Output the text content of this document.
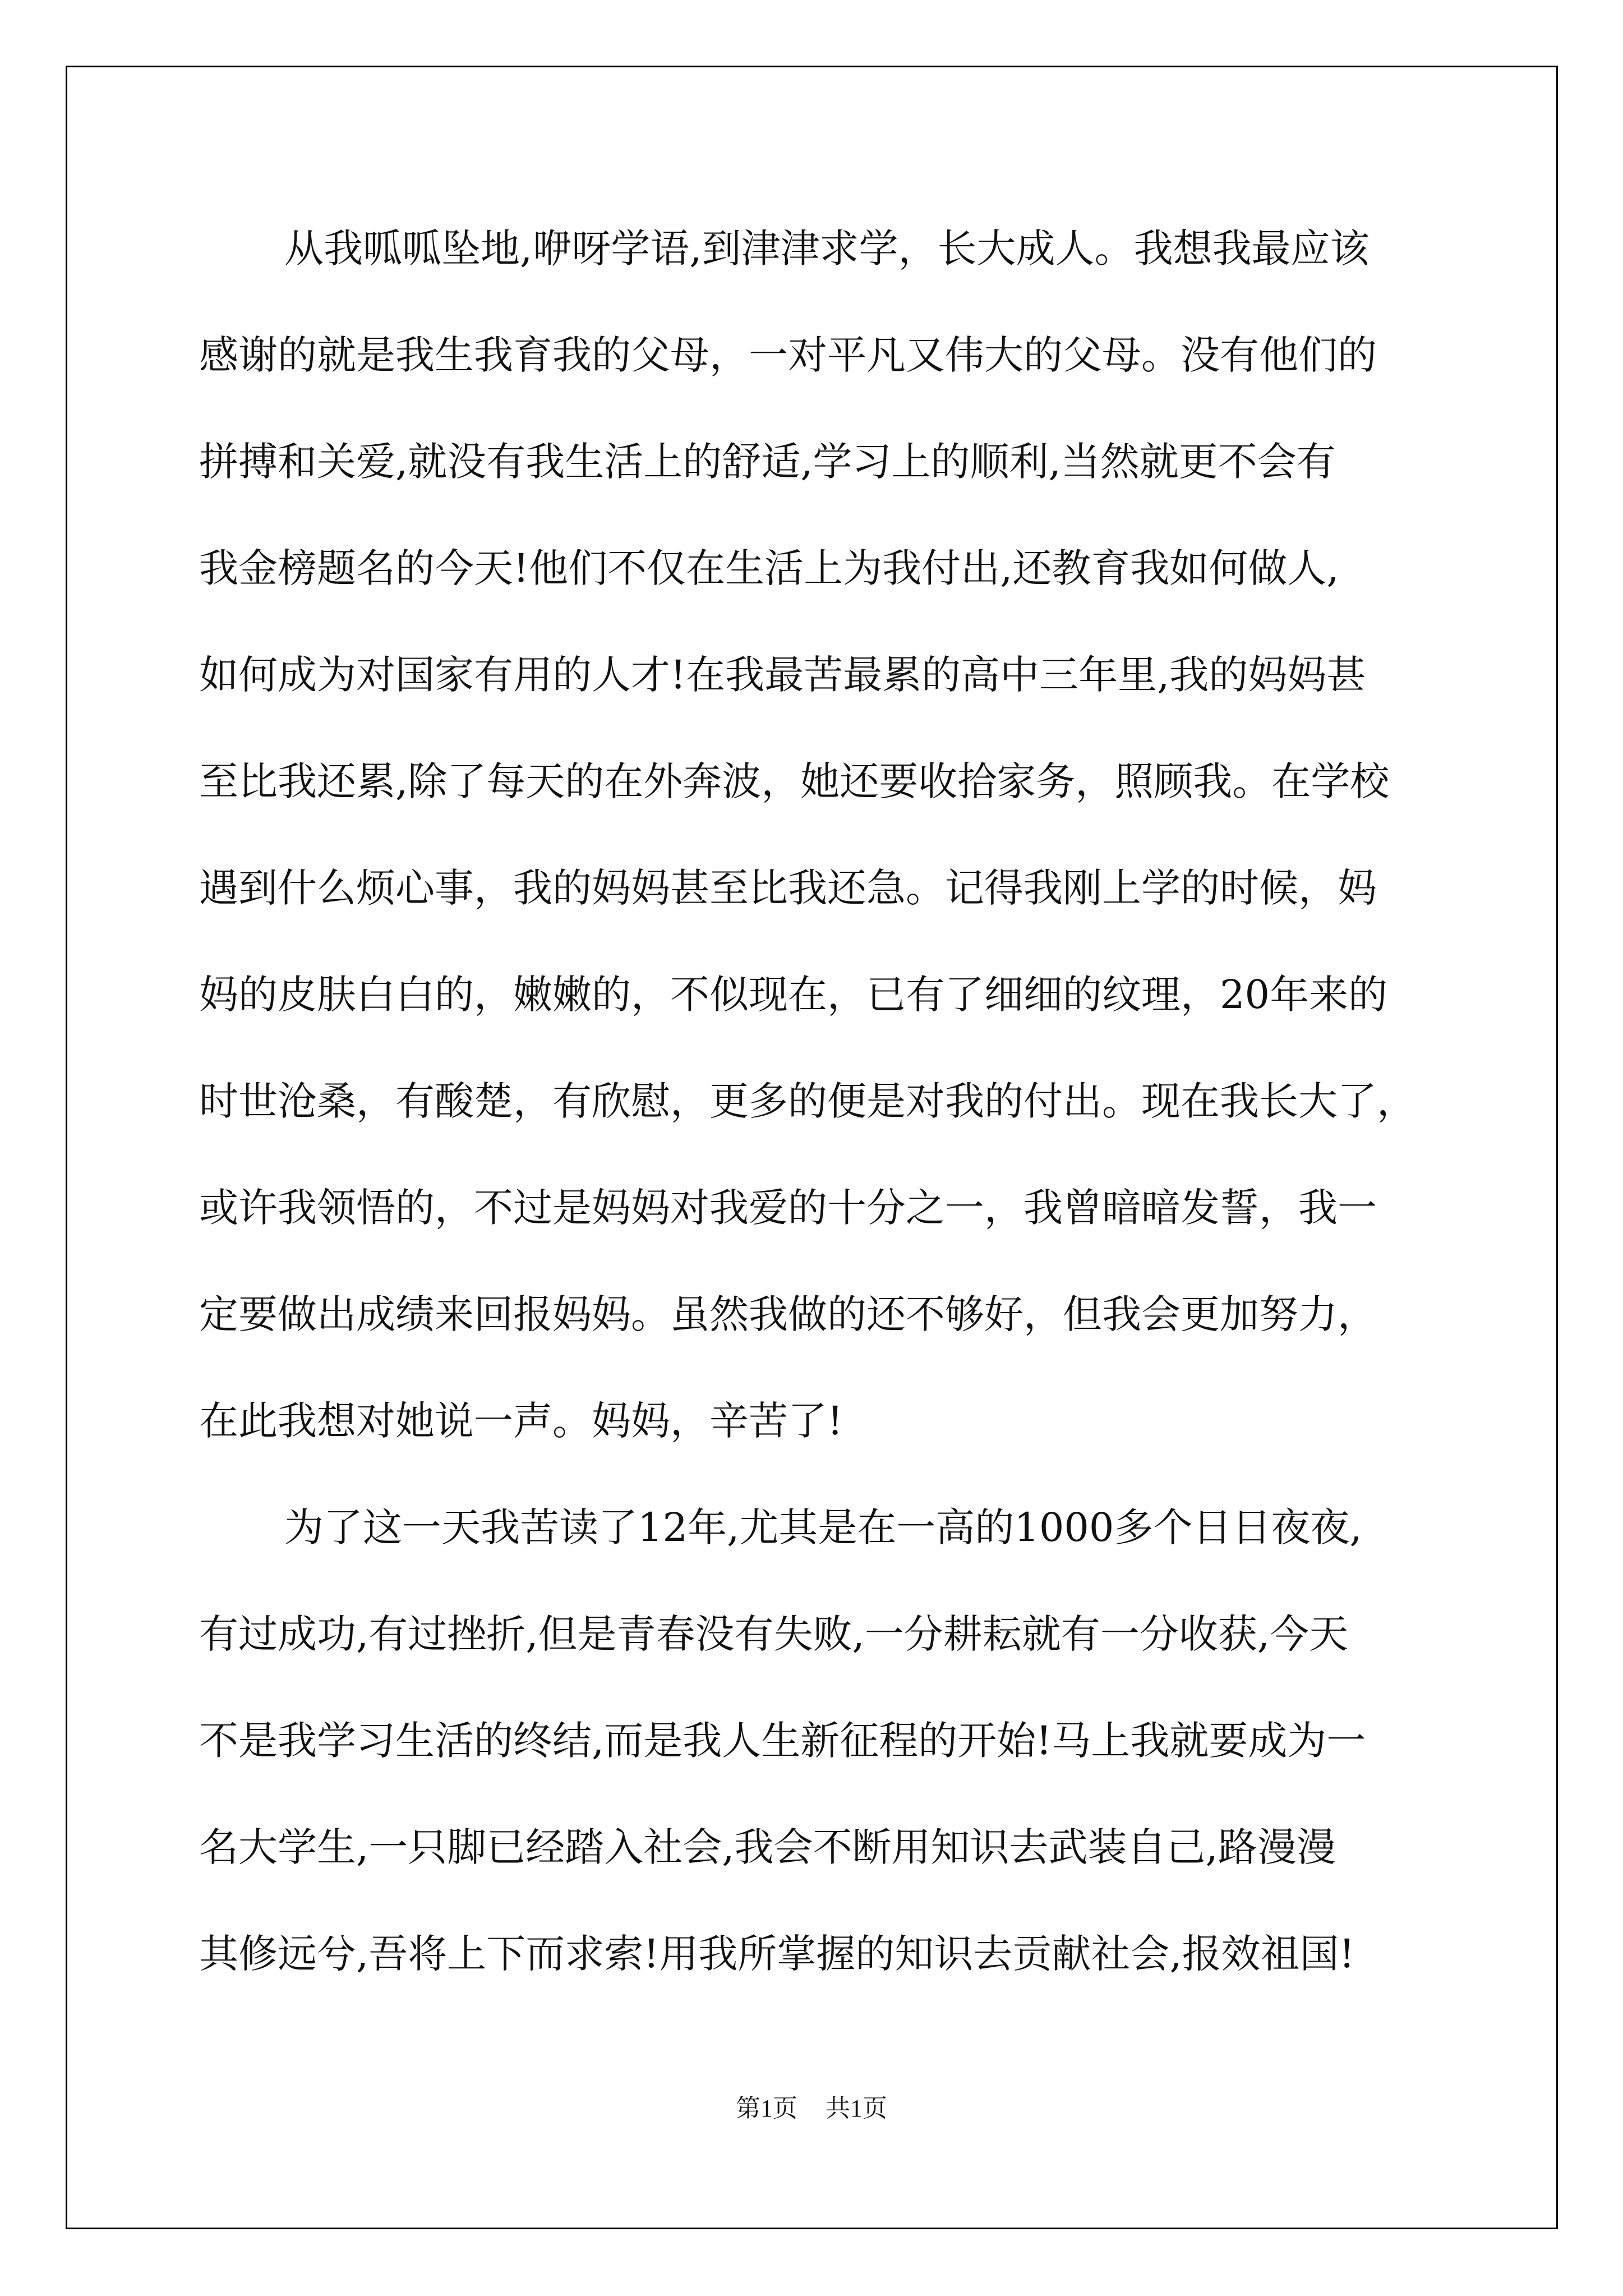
从我呱呱坠地,咿呀学语,到津津求学，长大成人。我想我最应该
感谢的就是我生我育我的父母，一对平凡又伟大的父母。没有他们的
拼搏和关爱,就没有我生活上的舒适,学习上的顺利,当然就更不会有
我金榜题名的今天!他们不仅在生活上为我付出,还教育我如何做人,
如何成为对国家有用的人才!在我最苦最累的高中三年里,我的妈妈甚
至比我还累,除了每天的在外奔波，她还要收拾家务，照顾我。在学校
遇到什么烦心事，我的妈妈甚至比我还急。记得我刚上学的时候，妈
妈的皮肤白白的，嫩嫩的，不似现在，已有了细细的纹理，20年来的
时世沧桑，有酸楚，有欣慰，更多的便是对我的付出。现在我长大了，
或许我领悟的，不过是妈妈对我爱的十分之一，我曾暗暗发誓，我一
定要做出成绩来回报妈妈。虽然我做的还不够好，但我会更加努力，
在此我想对她说一声。妈妈，辛苦了!
为了这一天我苦读了12年,尤其是在一高的1000多个日日夜夜,
有过成功,有过挫折,但是青春没有失败,一分耕耘就有一分收获,今天
不是我学习生活的终结,而是我人生新征程的开始!马上我就要成为一
名大学生,一只脚已经踏入社会,我会不断用知识去武装自己,路漫漫
其修远兮,吾将上下而求索!用我所掌握的知识去贡献社会,报效祖国!
第1页 共1页
